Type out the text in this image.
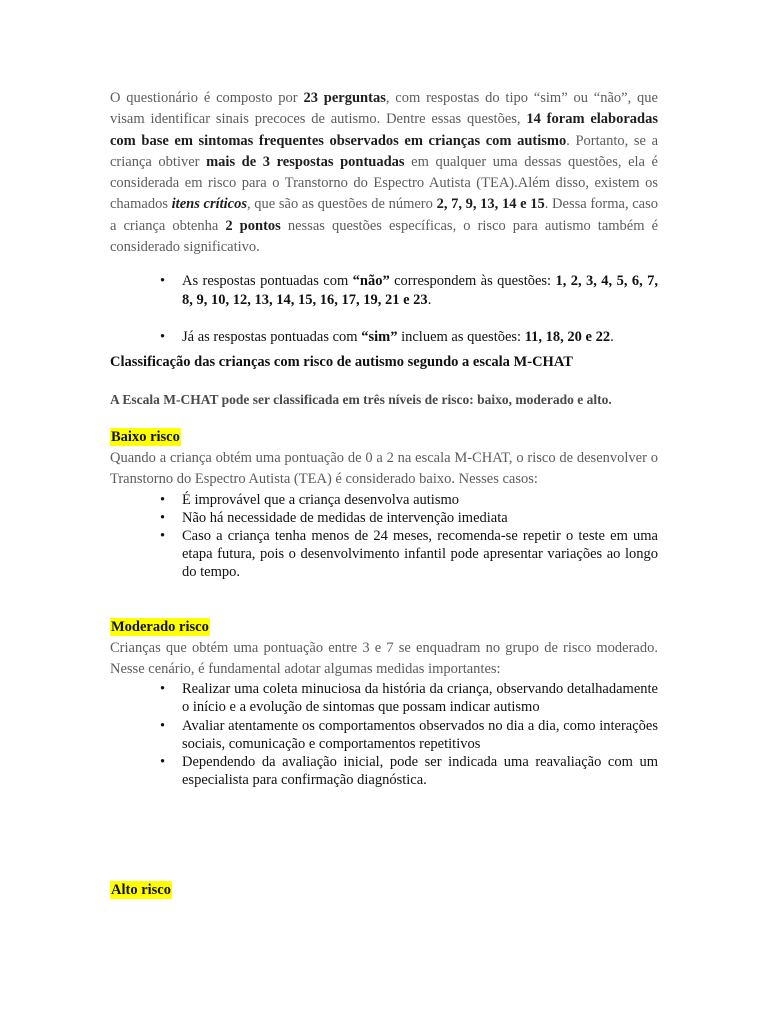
O questionário é composto por 23 perguntas, com respostas do tipo “sim” ou “não”, que visam identificar sinais precoces de autismo. Dentre essas questões, 14 foram elaboradas com base em sintomas frequentes observados em crianças com autismo. Portanto, se a criança obtiver mais de 3 respostas pontuadas em qualquer uma dessas questões, ela é considerada em risco para o Transtorno do Espectro Autista (TEA).Além disso, existem os chamados itens críticos, que são as questões de número 2, 7, 9, 13, 14 e 15. Dessa forma, caso a criança obtenha 2 pontos nessas questões específicas, o risco para autismo também é considerado significativo.

• As respostas pontuadas com “não” correspondem às questões: 1, 2, 3, 4, 5, 6, 7, 8, 9, 10, 12, 13, 14, 15, 16, 17, 19, 21 e 23.
• Já as respostas pontuadas com “sim” incluem as questões: 11, 18, 20 e 22.

Classificação das crianças com risco de autismo segundo a escala M-CHAT

A Escala M-CHAT pode ser classificada em três níveis de risco: baixo, moderado e alto.

Baixo risco

Quando a criança obtém uma pontuação de 0 a 2 na escala M-CHAT, o risco de desenvolver o Transtorno do Espectro Autista (TEA) é considerado baixo. Nesses casos:

• É improvável que a criança desenvolva autismo
• Não há necessidade de medidas de intervenção imediata
• Caso a criança tenha menos de 24 meses, recomenda-se repetir o teste em uma etapa futura, pois o desenvolvimento infantil pode apresentar variações ao longo do tempo.
Moderado risco

Crianças que obtém uma pontuação entre 3 e 7 se enquadram no grupo de risco moderado. Nesse cenário, é fundamental adotar algumas medidas importantes:

• Realizar uma coleta minuciosa da história da criança, observando detalhadamente o início e a evolução de sintomas que possam indicar autismo
• Avaliar atentamente os comportamentos observados no dia a dia, como interações sociais, comunicação e comportamentos repetitivos
• Dependendo da avaliação inicial, pode ser indicada uma reavaliação com um especialista para confirmação diagnóstica.
Alto risco
